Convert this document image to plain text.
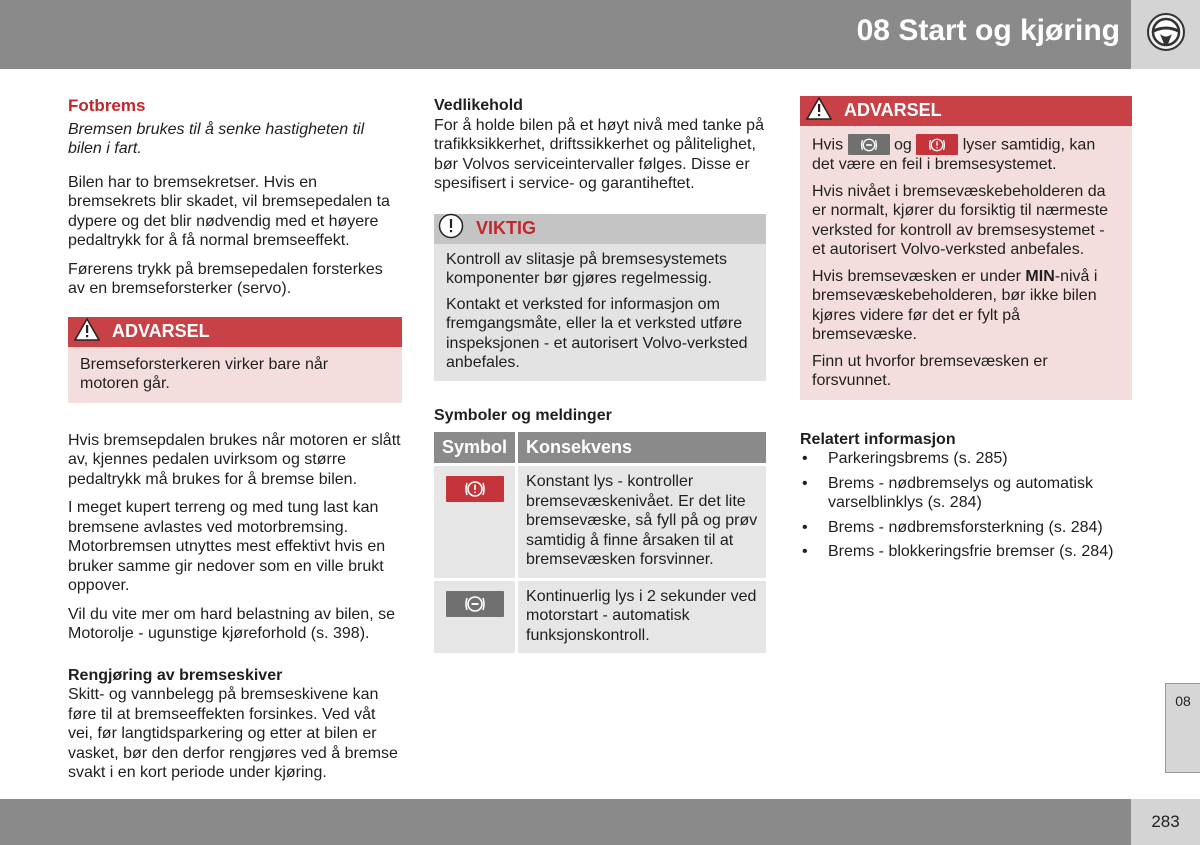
08 Start og kjøring
Fotbrems

Bremsen brukes til å senke hastigheten til bilen i fart.

Bilen har to bremsekretser. Hvis en bremsekrets blir skadet, vil bremsepedalen ta dypere og det blir nødvendig med et høyere pedaltrykk for å få normal bremseeffekt.

Førerens trykk på bremsepedalen forsterkes av en bremseforsterker (servo).

ADVARSEL

Bremseforsterkeren virker bare når motoren går.

Hvis bremsepdalen brukes når motoren er slått av, kjennes pedalen uvirksom og større pedaltrykk må brukes for å bremse bilen.

I meget kupert terreng og med tung last kan bremsene avlastes ved motorbremsing. Motorbremsen utnyttes mest effektivt hvis en bruker samme gir nedover som en ville brukt oppover.

Vil du vite mer om hard belastning av bilen, se Motorolje - ugunstige kjøreforhold (s. 398).

Rengjøring av bremseskiver

Skitt- og vannbelegg på bremseskivene kan føre til at bremseeffekten forsinkes. Ved våt vei, før langtidsparkering og etter at bilen er vasket, bør den derfor rengjøres ved å bremse svakt i en kort periode under kjøring.

Vedlikehold

For å holde bilen på et høyt nivå med tanke på trafikksikkerhet, driftssikkerhet og pålitelighet, bør Volvos serviceintervaller følges. Disse er spesifisert i service- og garantiheftet.

VIKTIG

Kontroll av slitasje på bremsesystemets komponenter bør gjøres regelmessig.

Kontakt et verksted for informasjon om fremgangsmåte, eller la et verksted utføre inspeksjonen - et autorisert Volvo-verksted anbefales.

Symboler og meldinger
Symbol	Konsekvens

	Konstant lys - kontroller bremsevæskenivået. Er det lite bremsevæske, så fyll på og prøv samtidig å finne årsaken til at bremsevæsken forsvinner.

	Kontinuerlig lys i 2 sekunder ved motorstart - automatisk funksjonskontroll.
ADVARSEL

Hvis	og	lyser samtidig, kan det være en feil i bremsesystemet.

Hvis nivået i bremsevæskebeholderen da er normalt, kjører du forsiktig til nærmeste verksted for kontroll av bremsesystemet - et autorisert Volvo-verksted anbefales.

Hvis bremsevæsken er under MIN-nivå i bremsevæskebeholderen, bør ikke bilen kjøres videre før det er fylt på bremsevæske.

Finn ut hvorfor bremsevæsken er forsvunnet.

Relatert informasjon
• Parkeringsbrems (s. 285)
• Brems - nødbremselys og automatisk varselblinklys (s. 284)
• Brems - nødbremsforsterkning (s. 284)
• Brems - blokkeringsfrie bremser (s. 284)
08
283
